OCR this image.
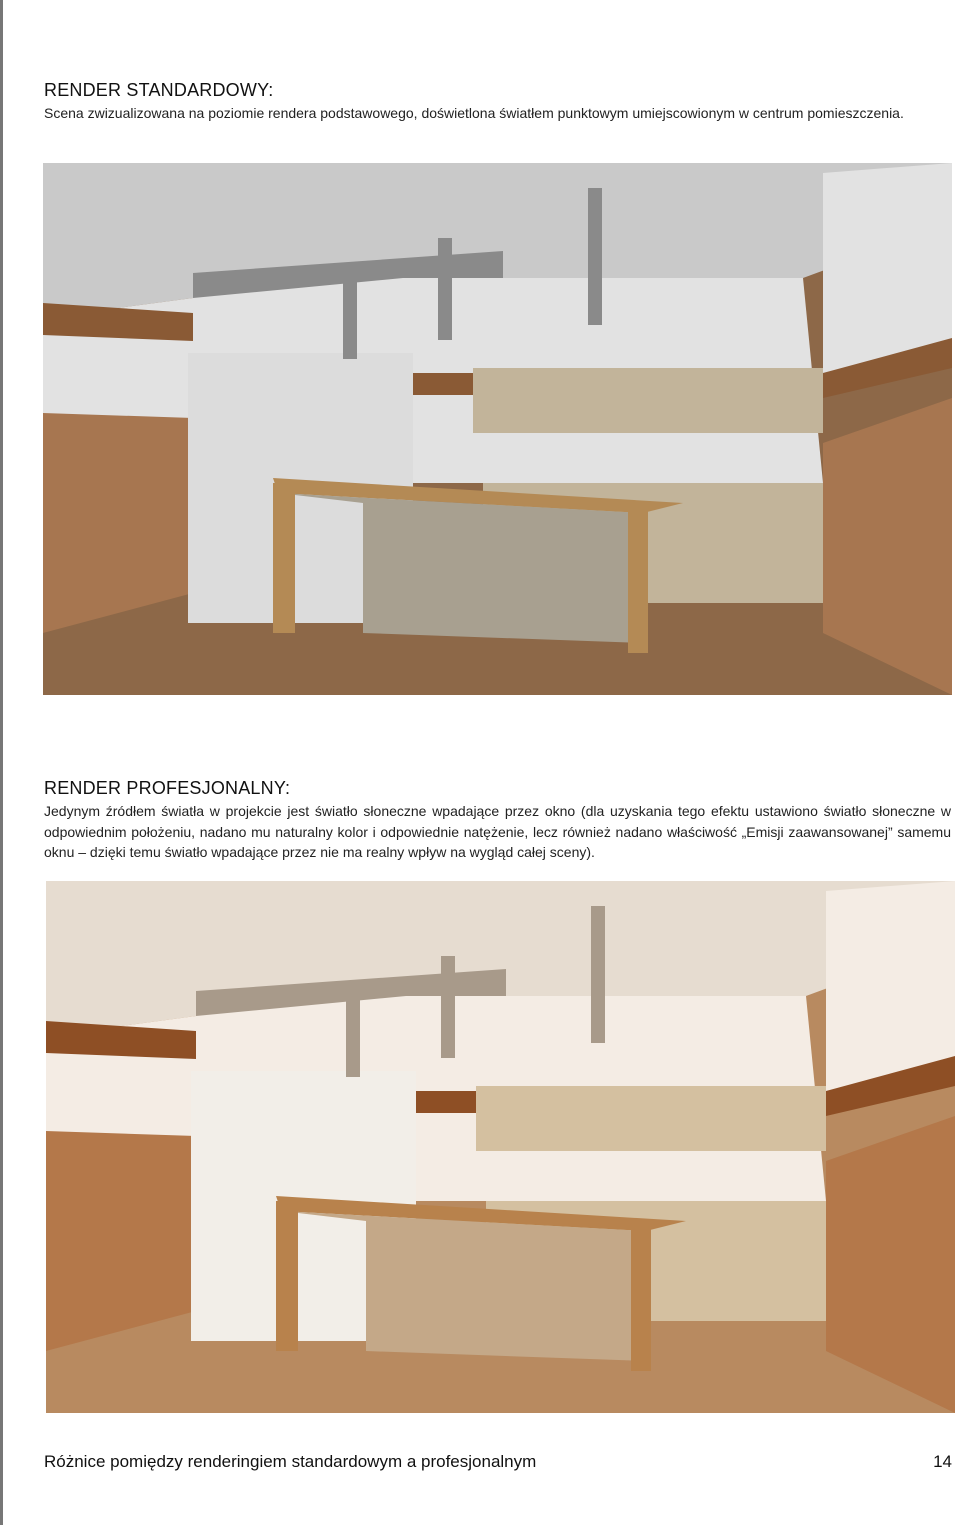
RENDER STANDARDOWY:

Scena zwizualizowana na poziomie rendera podstawowego, doświetlona światłem punktowym umiejscowionym w centrum pomieszczenia.

RENDER PROFESJONALNY:

Jedynym źródłem światła w projekcie jest światło słoneczne wpadające przez okno (dla uzyskania tego efektu ustawiono światło słoneczne w odpowiednim położeniu, nadano mu naturalny kolor i odpowiednie natężenie, lecz również nadano właściwość „Emisji zaawansowanej” samemu oknu – dzięki temu światło wpadające przez nie ma realny wpływ na wygląd całej sceny).

Różnice pomiędzy renderingiem standardowym a profesjonalnym	14
